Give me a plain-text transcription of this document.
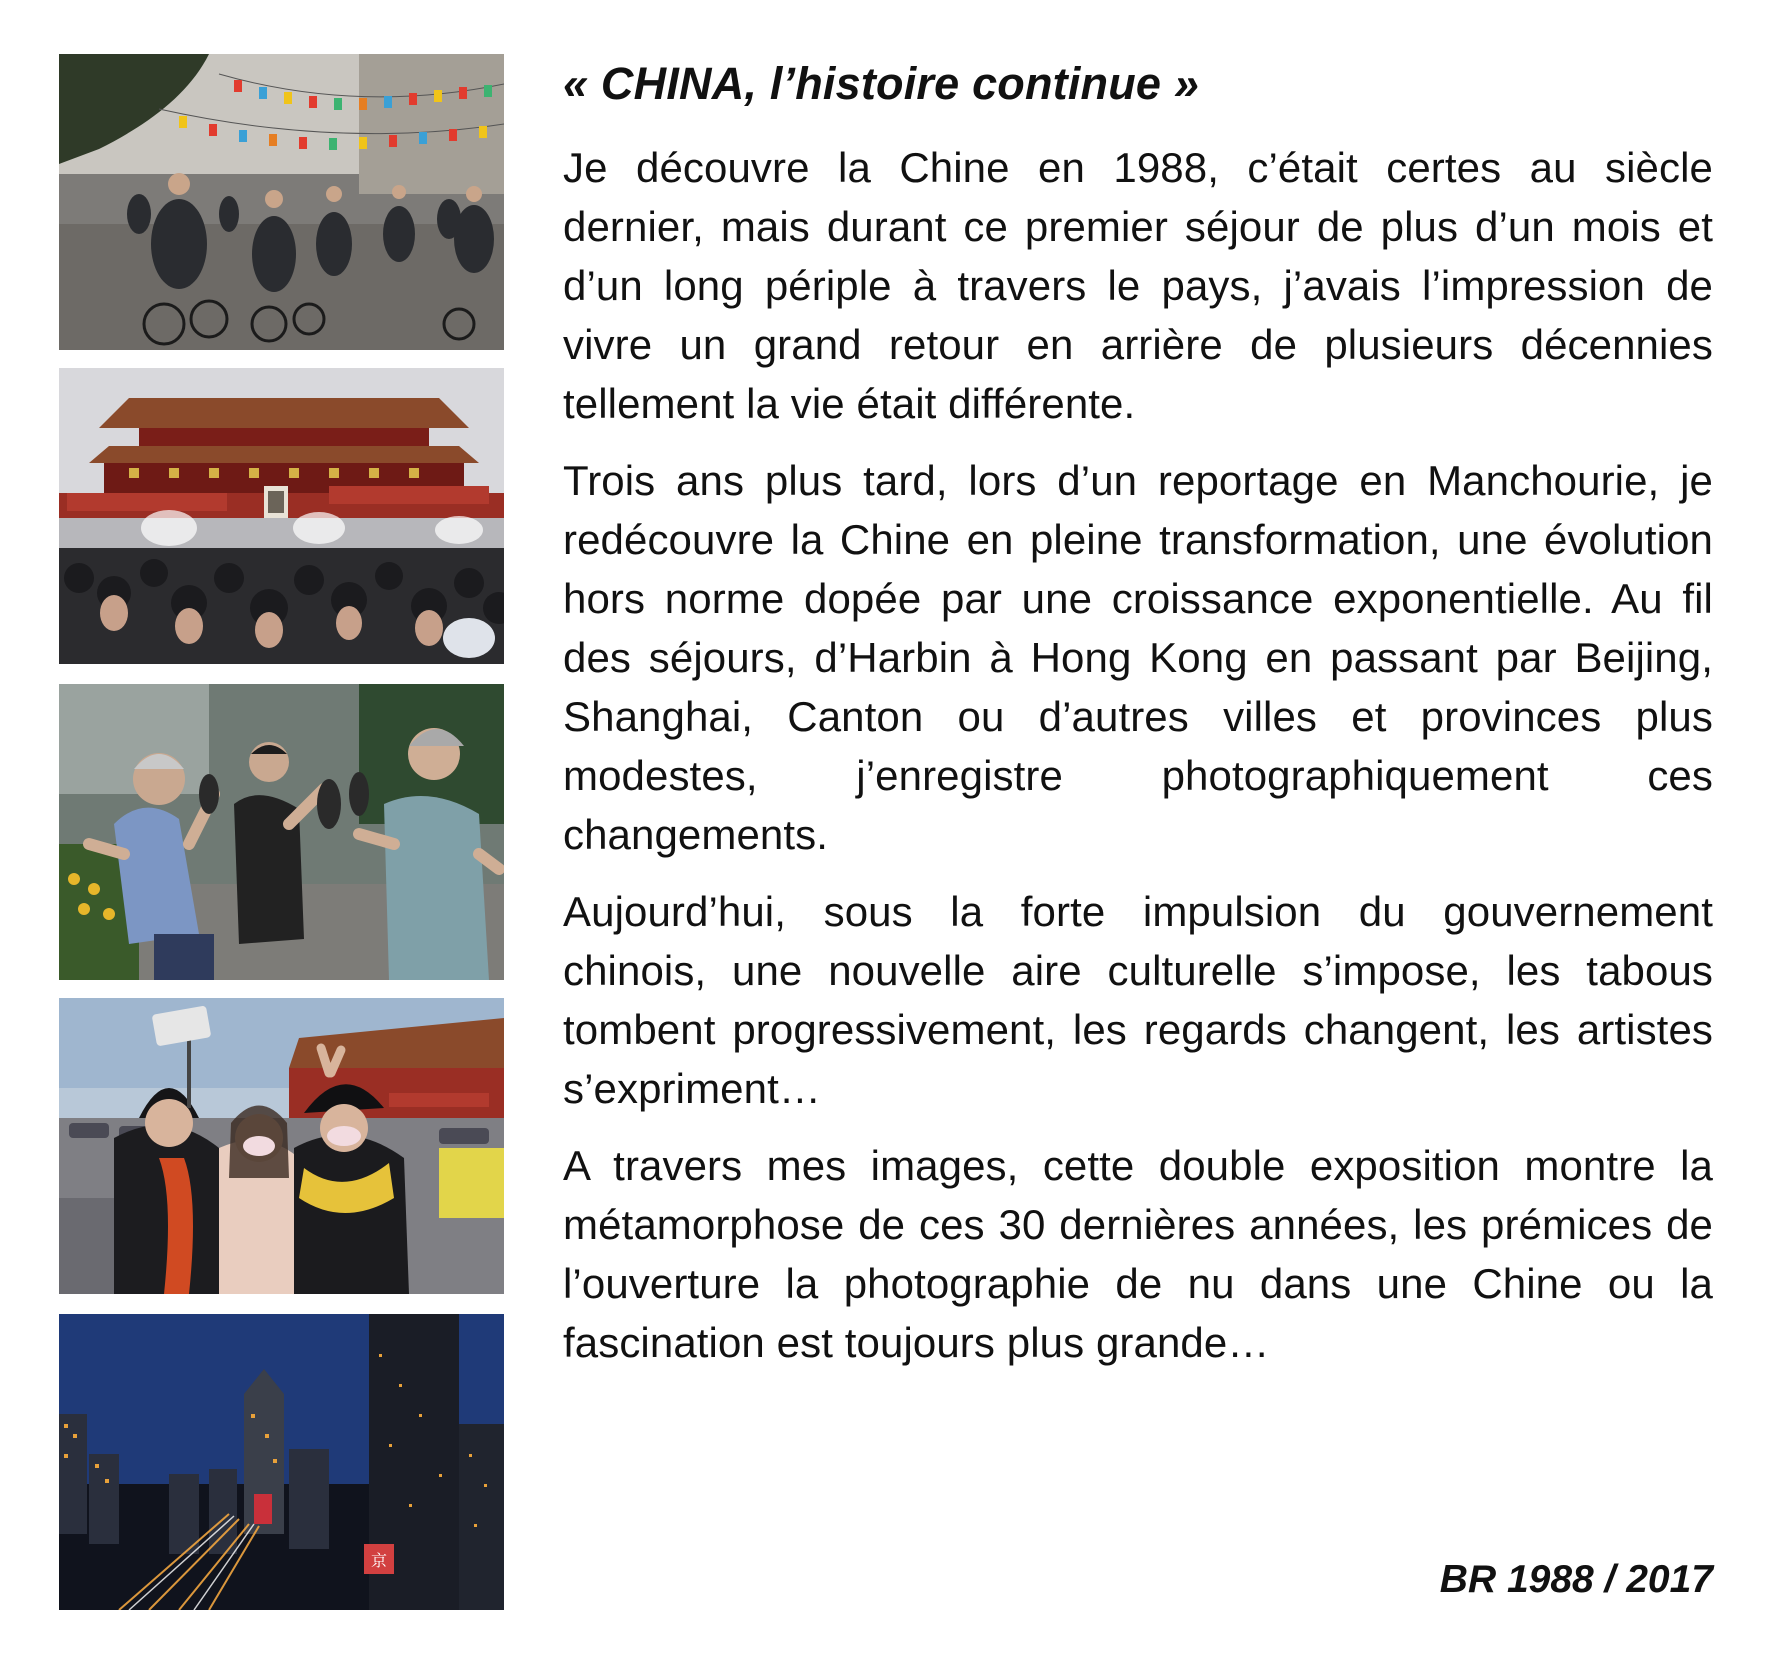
京
« CHINA, l’histoire continue »

Je découvre la Chine en 1988, c’était certes au siècle dernier, mais durant ce premier séjour de plus d’un mois et d’un long périple à travers le pays, j’avais l’impression de vivre un grand retour en arrière de plusieurs décennies tellement la vie était différente.

Trois ans plus tard, lors d’un reportage en Manchourie, je redécouvre la Chine en pleine transformation, une évolution hors norme dopée par une croissance exponentielle. Au fil des séjours, d’Harbin à Hong Kong en passant par Beijing, Shanghai, Canton ou d’autres villes et provinces plus modestes, j’enregistre photographiquement ces changements.

Aujourd’hui, sous la forte impulsion du gouvernement chinois, une nouvelle aire culturelle s’impose, les tabous tombent progressivement, les regards changent, les artistes s’expriment…

A travers mes images, cette double exposition montre la métamorphose de ces 30 dernières années, les prémices de l’ouverture la photographie de nu dans une Chine ou la fascination est toujours plus grande…

BR 1988 / 2017
